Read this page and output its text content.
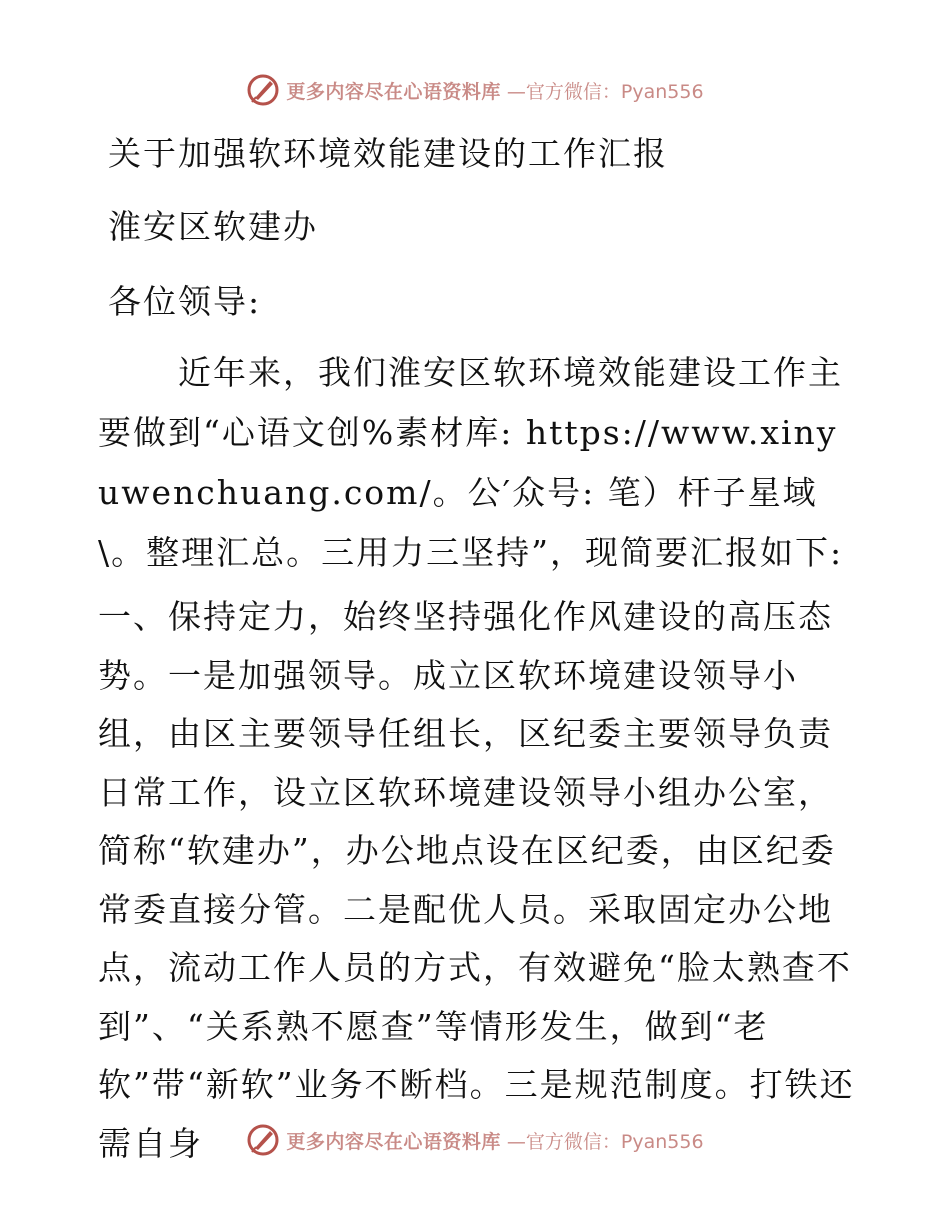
更多内容尽在心语资料库 —官方微信：Pyan556
关于加强软环境效能建设的工作汇报
淮安区软建办
各位领导:
近年来，我们淮安区软环境效能建设工作主要做到“心语文创%素材库: https://www.xinyuwenchuang.com/。公′众号: 笔）杆子星域\。整理汇总。三用力三坚持”，现简要汇报如下:
一、保持定力，始终坚持强化作风建设的高压态势。一是加强领导。成立区软环境建设领导小组，由区主要领导任组长，区纪委主要领导负责日常工作，设立区软环境建设领导小组办公室，简称“软建办”，办公地点设在区纪委，由区纪委常委直接分管。二是配优人员。采取固定办公地点，流动工作人员的方式，有效避免“脸太熟查不到”、“关系熟不愿查”等情形发生，做到“老软”带“新软”业务不断档。三是规范制度。打铁还需自身	更多内容尽在心语资料库 —官方微信：Pyan556
